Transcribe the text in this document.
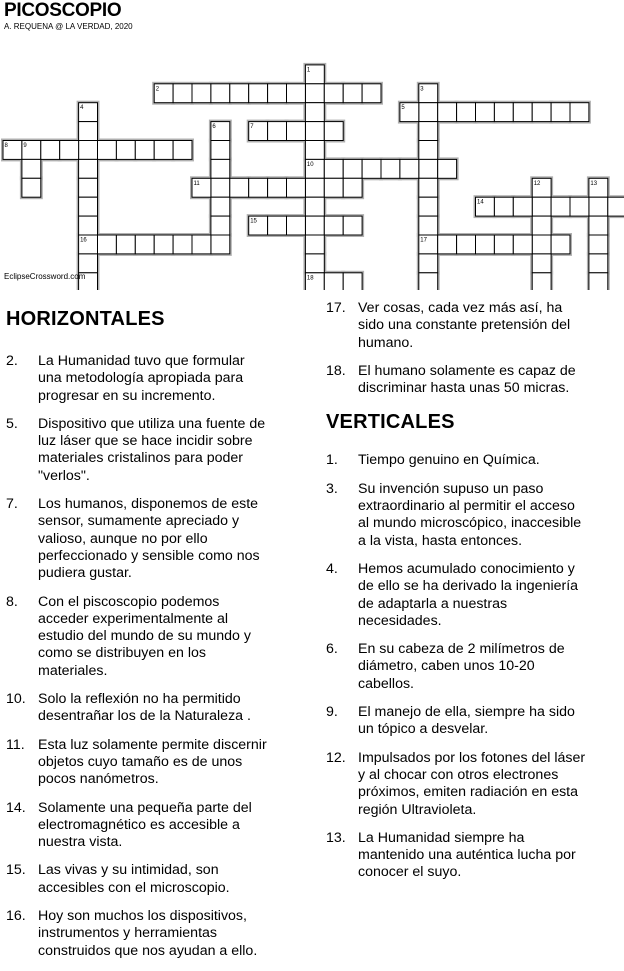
PICOSCOPIO
A. REQUENA @ LA VERDAD, 2020
1
2	3
4	5
6	7
8	9
10
11	12	13
14
15
16	17
18
EclipseCrossword.com
HORIZONTALES
2.	La Humanidad tuvo que formular
una metodología apropiada para
progresar en su incremento.
5.	Dispositivo que utiliza una fuente de
luz láser que se hace incidir sobre
materiales cristalinos para poder
"verlos".
7.	Los humanos, disponemos de este
sensor, sumamente apreciado y
valioso, aunque no por ello
perfeccionado y sensible como nos
pudiera gustar.
8.	Con el piscoscopio podemos
acceder experimentalmente al
estudio del mundo de su mundo y
como se distribuyen en los
materiales.
10. Solo la reflexión no ha permitido
desentrañar los de la Naturaleza .
11. Esta luz solamente permite discernir
objetos cuyo tamaño es de unos
pocos nanómetros.
14. Solamente una pequeña parte del
electromagnético es accesible a
nuestra vista.
15. Las vivas y su intimidad, son
accesibles con el microscopio.
16. Hoy son muchos los dispositivos,
instrumentos y herramientas
construidos que nos ayudan a ello.
17. Ver cosas, cada vez más así, ha
sido una constante pretensión del
humano.
18. El humano solamente es capaz de
discriminar hasta unas 50 micras.
VERTICALES
1.	Tiempo genuino en Química.
3.	Su invención supuso un paso
extraordinario al permitir el acceso
al mundo microscópico, inaccesible
a la vista, hasta entonces.
4.	Hemos acumulado conocimiento y
de ello se ha derivado la ingeniería
de adaptarla a nuestras
necesidades.
6.	En su cabeza de 2 milímetros de
diámetro, caben unos 10-20
cabellos.
9.	El manejo de ella, siempre ha sido
un tópico a desvelar.
12. Impulsados por los fotones del láser
y al chocar con otros electrones
próximos, emiten radiación en esta
región Ultravioleta.
13. La Humanidad siempre ha
mantenido una auténtica lucha por
conocer el suyo.
